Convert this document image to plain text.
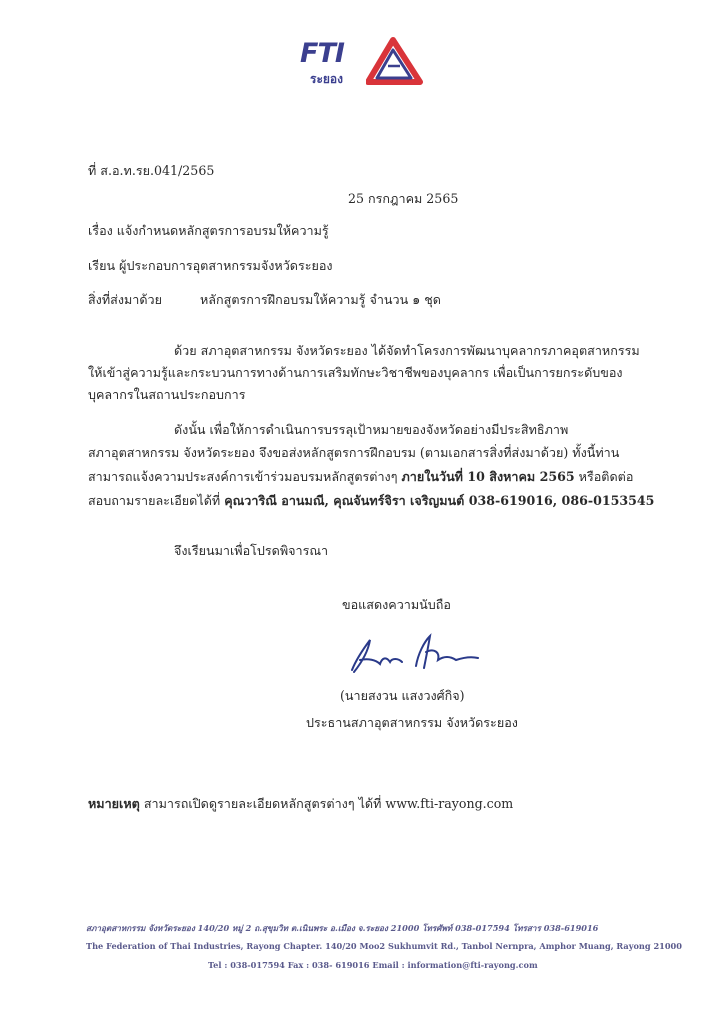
FTI
ระยอง
ที่ ส.อ.ท.รย.041/2565
25 กรกฎาคม 2565
เรื่อง แจ้งกำหนดหลักสูตรการอบรมให้ความรู้
เรียน ผู้ประกอบการอุตสาหกรรมจังหวัดระยอง
สิ่งที่ส่งมาด้วย	หลักสูตรการฝึกอบรมให้ความรู้ จำนวน ๑ ชุด
ด้วย สภาอุตสาหกรรม จังหวัดระยอง ได้จัดทำโครงการพัฒนาบุคลากรภาคอุตสาหกรรม
ให้เข้าสู่ความรู้และกระบวนการทางด้านการเสริมทักษะวิชาชีพของบุคลากร เพื่อเป็นการยกระดับของ
บุคลากรในสถานประกอบการ
ดังนั้น เพื่อให้การดำเนินการบรรลุเป้าหมายของจังหวัดอย่างมีประสิทธิภาพ
สภาอุตสาหกรรม จังหวัดระยอง จึงขอส่งหลักสูตรการฝึกอบรม (ตามเอกสารสิ่งที่ส่งมาด้วย) ทั้งนี้ท่าน
สามารถแจ้งความประสงค์การเข้าร่วมอบรมหลักสูตรต่างๆ ภายในวันที่ 10 สิงหาคม 2565 หรือติดต่อ
สอบถามรายละเอียดได้ที่ คุณวาริณี อานมณี, คุณจันทร์จิรา เจริญมนต์ 038-619016, 086-0153545
จึงเรียนมาเพื่อโปรดพิจารณา
ขอแสดงความนับถือ
(นายสงวน แสงวงศ์กิจ)
ประธานสภาอุตสาหกรรม จังหวัดระยอง
หมายเหตุ สามารถเปิดดูรายละเอียดหลักสูตรต่างๆ ได้ที่ www.fti-rayong.com
สภาอุตสาหกรรม จังหวัดระยอง 140/20 หมู่ 2 ถ.สุขุมวิท ต.เนินพระ อ.เมือง จ.ระยอง 21000 โทรศัพท์ 038-017594 โทรสาร 038-619016
The Federation of Thai Industries, Rayong Chapter. 140/20 Moo2 Sukhumvit Rd., Tanbol Nernpra, Amphor Muang, Rayong 21000
Tel : 038-017594 Fax : 038- 619016 Email : information@fti-rayong.com
